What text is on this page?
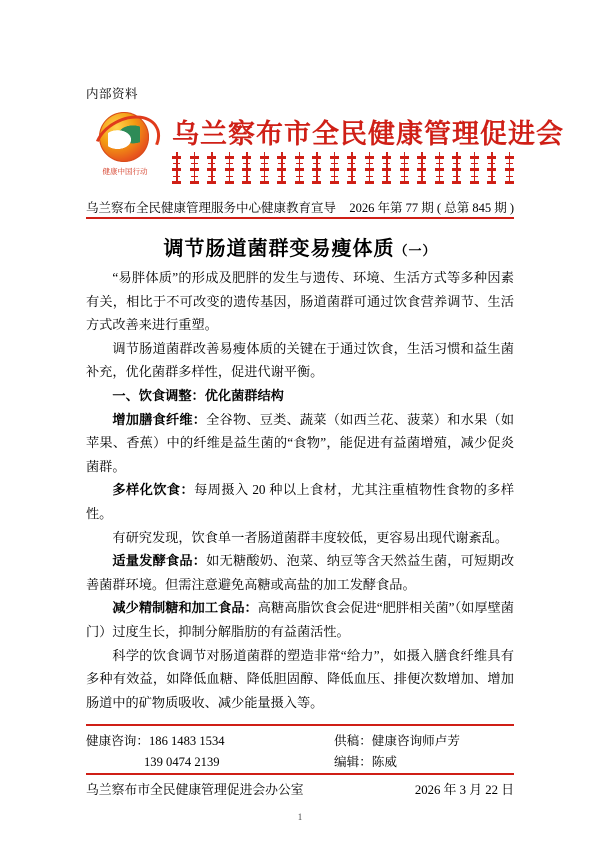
内部资料
健康中国行动
乌兰察布市全民健康管理促进会
乌兰察布全民健康管理服务中心健康教育宣导 2026 年第 77 期 ( 总第 845 期 )
调节肠道菌群变易瘦体质（一）

“易胖体质”的形成及肥胖的发生与遗传、环境、生活方式等多种因素有关，相比于不可改变的遗传基因，肠道菌群可通过饮食营养调节、生活方式改善来进行重塑。

调节肠道菌群改善易瘦体质的关键在于通过饮食，生活习惯和益生菌补充，优化菌群多样性，促进代谢平衡。

一、饮食调整：优化菌群结构

增加膳食纤维：全谷物、豆类、蔬菜（如西兰花、菠菜）和水果（如苹果、香蕉）中的纤维是益生菌的“食物”，能促进有益菌增殖，减少促炎菌群。

多样化饮食：每周摄入 20 种以上食材，尤其注重植物性食物的多样性。

有研究发现，饮食单一者肠道菌群丰度较低，更容易出现代谢紊乱。

适量发酵食品：如无糖酸奶、泡菜、纳豆等含天然益生菌，可短期改善菌群环境。但需注意避免高糖或高盐的加工发酵食品。

减少精制糖和加工食品：高糖高脂饮食会促进“肥胖相关菌”（如厚壁菌门）过度生长，抑制分解脂肪的有益菌活性。

科学的饮食调节对肠道菌群的塑造非常“给力”，如摄入膳食纤维具有多种有效益，如降低血糖、降低胆固醇、降低血压、排便次数增加、增加肠道中的矿物质吸收、减少能量摄入等。

健康咨询：186 1483 1534
139 0474 2139
供稿：健康咨询师卢芳
编辑：陈威
乌兰察布市全民健康管理促进会办公室	2026 年 3 月 22 日
1
